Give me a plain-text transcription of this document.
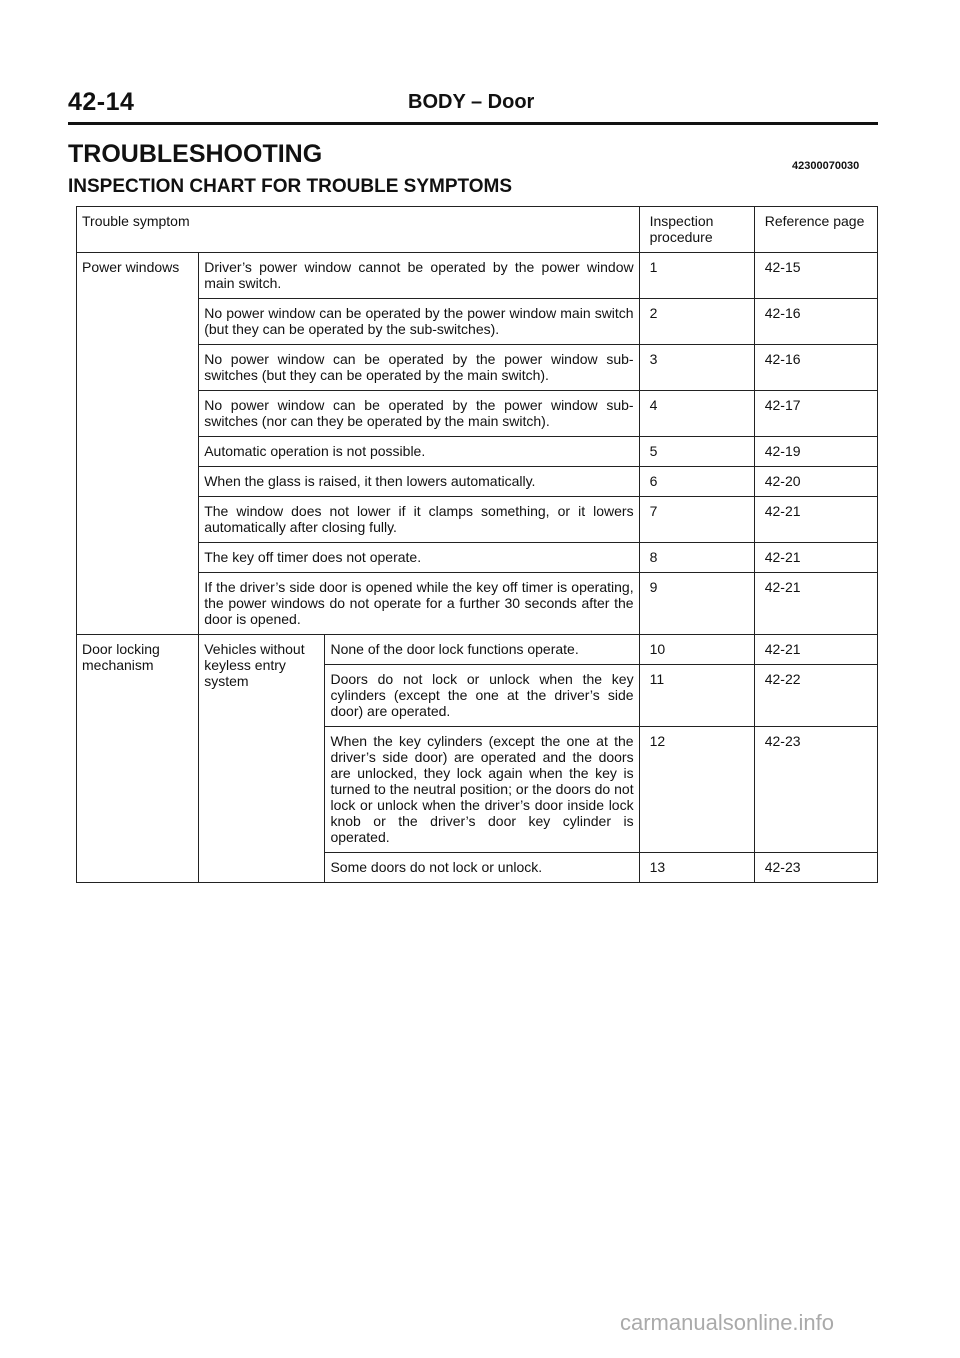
42-14	BODY – Door
TROUBLESHOOTING	42300070030
INSPECTION CHART FOR TROUBLE SYMPTOMS
Trouble symptom			Inspection procedure	Reference page
Power windows	Driver’s power window cannot be operated by the power window main switch.		1	42-15
	No power window can be operated by the power window main switch (but they can be operated by the sub-switches).		2	42-16
	No power window can be operated by the power window sub-switches (but they can be operated by the main switch).		3	42-16
	No power window can be operated by the power window sub-switches (nor can they be operated by the main switch).		4	42-17
	Automatic operation is not possible.		5	42-19
	When the glass is raised, it then lowers automatically.		6	42-20
	The window does not lower if it clamps something, or it lowers automatically after closing fully.		7	42-21
	The key off timer does not operate.		8	42-21
	If the driver’s side door is opened while the key off timer is operating, the power windows do not operate for a further 30 seconds after the door is opened.		9	42-21
Door locking mechanism	Vehicles without keyless entry system	None of the door lock functions operate.	10	42-21
		Doors do not lock or unlock when the key cylinders (except the one at the driver’s side door) are operated.	11	42-22
		When the key cylinders (except the one at the driver’s side door) are operated and the doors are unlocked, they lock again when the key is turned to the neutral position; or the doors do not lock or unlock when the driver’s door inside lock knob or the driver’s door key cylinder is operated.	12	42-23
		Some doors do not lock or unlock.	13	42-23
carmanualsonline.info
